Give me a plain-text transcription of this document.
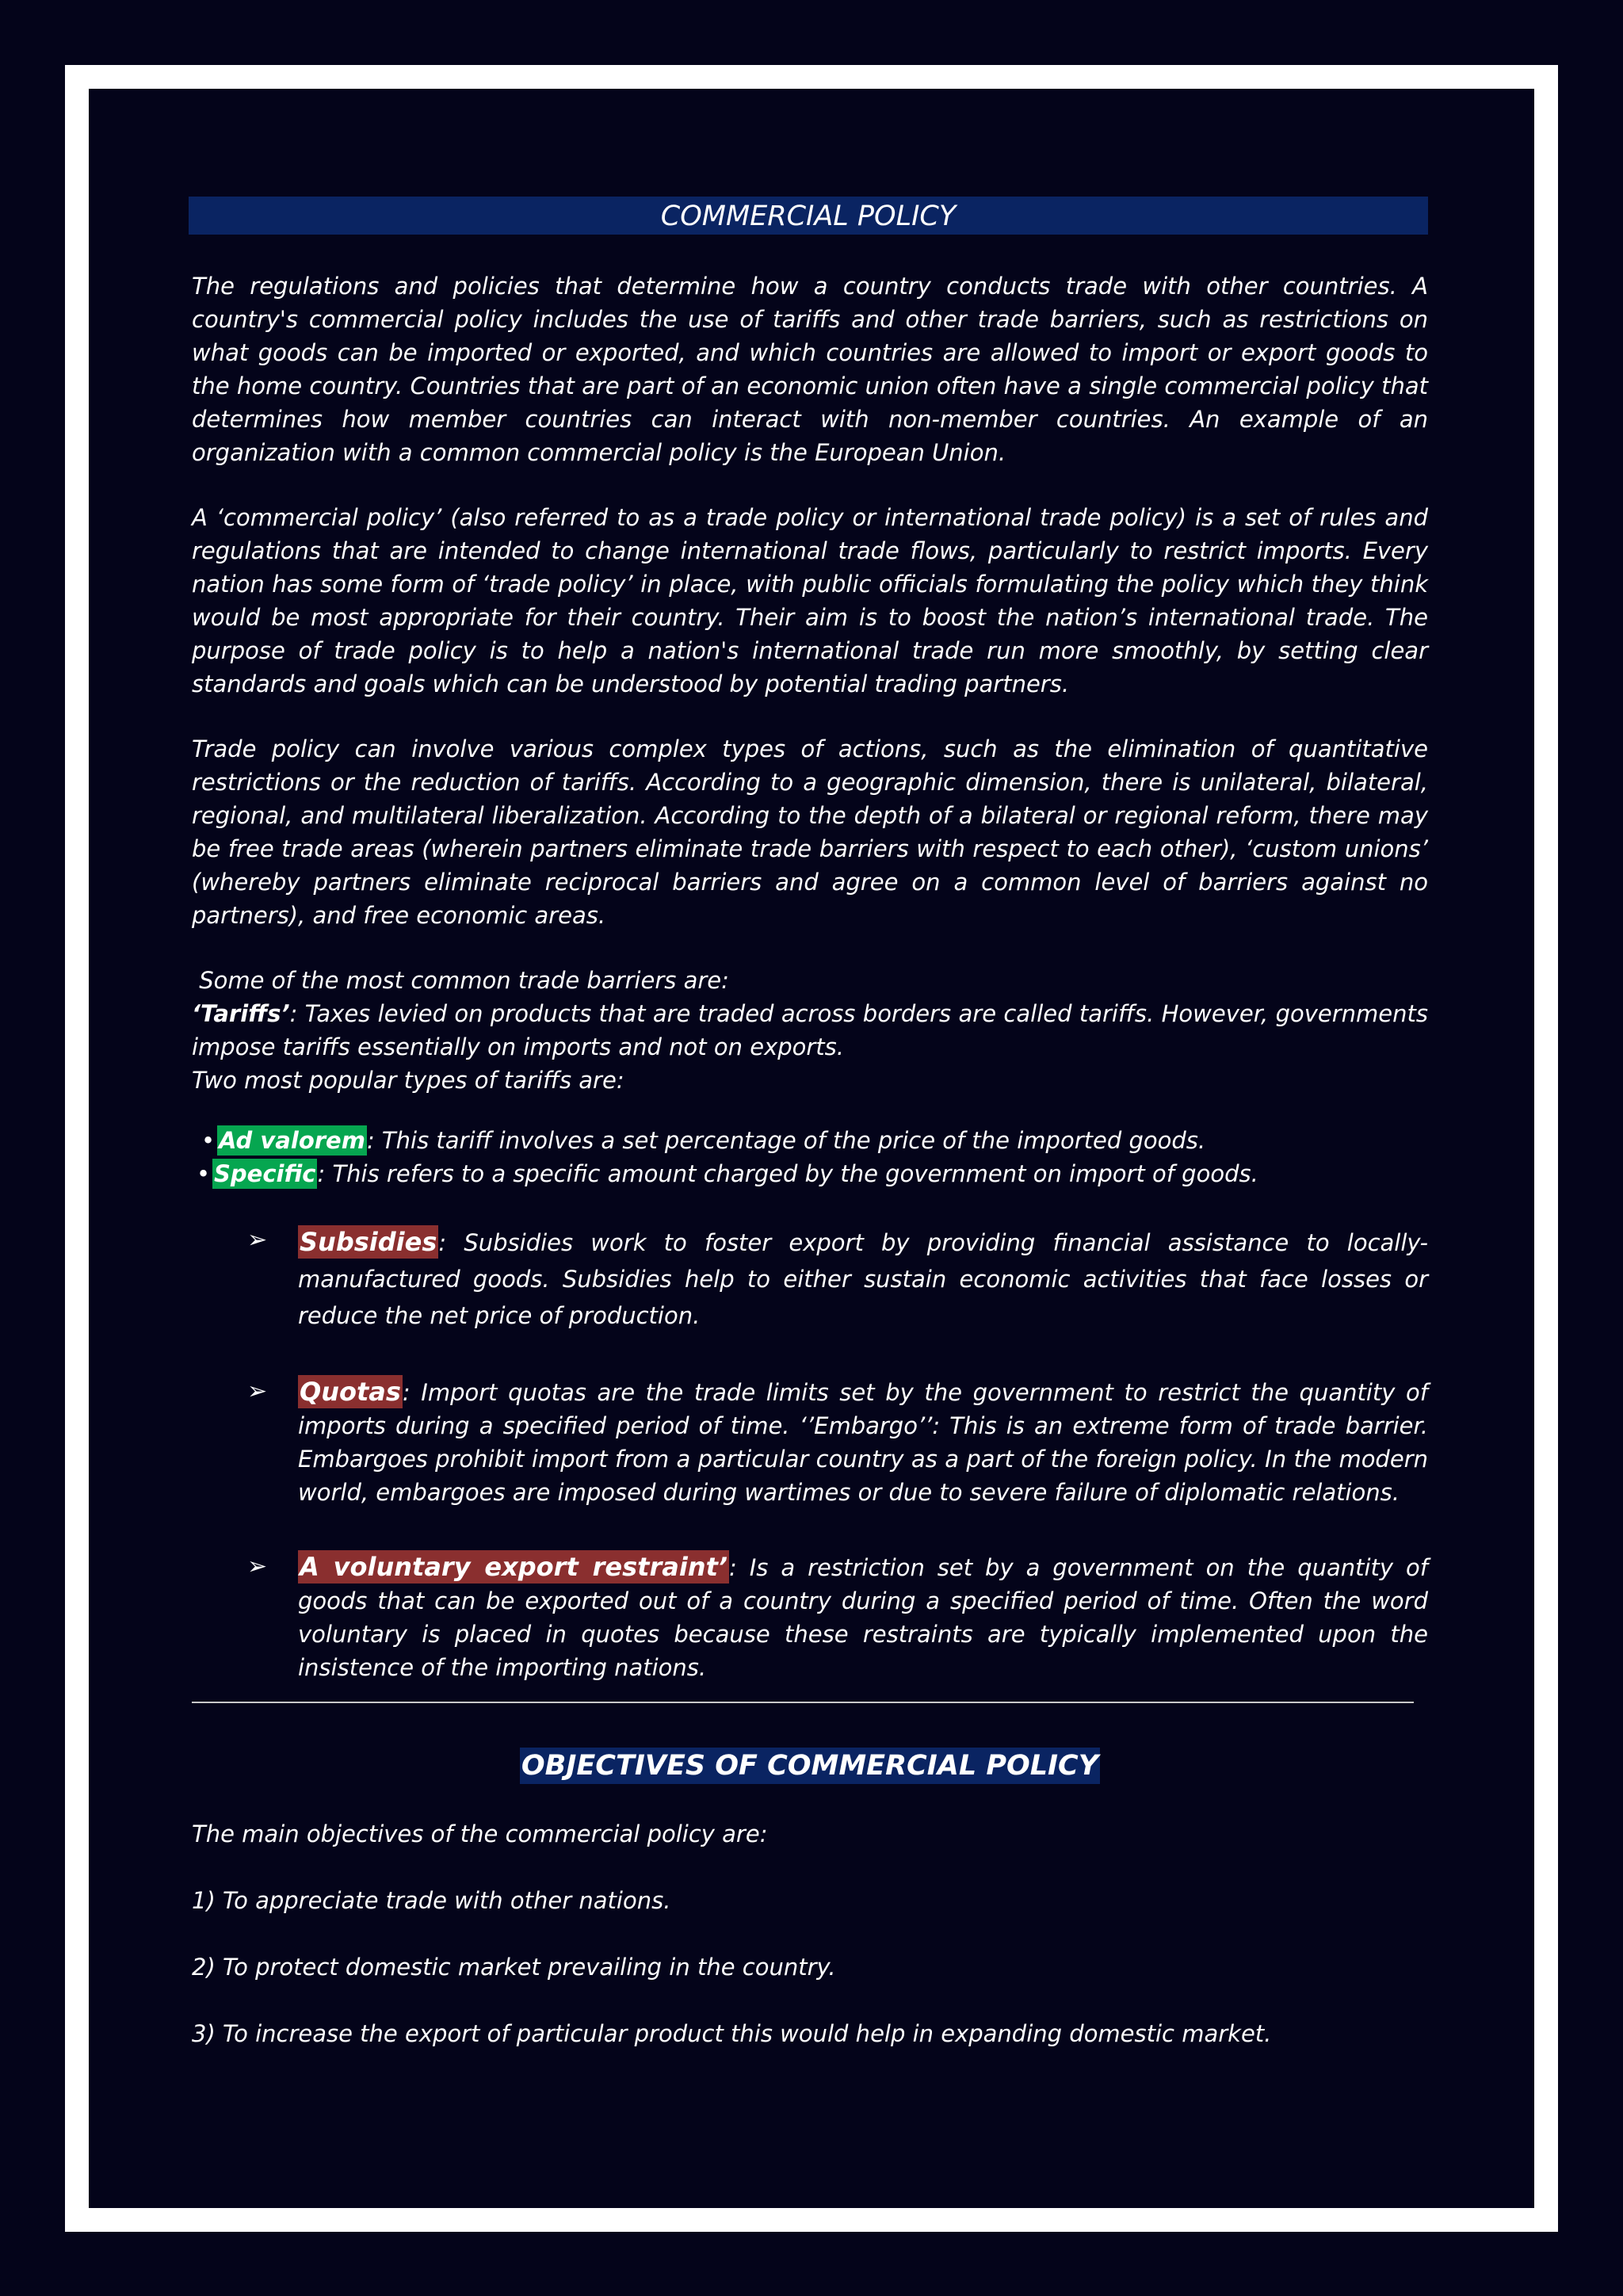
COMMERCIAL POLICY

The regulations and policies that determine how a country conducts trade with other countries. A country's commercial policy includes the use of tariffs and other trade barriers, such as restrictions on what goods can be imported or exported, and which countries are allowed to import or export goods to the home country. Countries that are part of an economic union often have a single commercial policy that determines how member countries can interact with non-member countries. An example of an organization with a common commercial policy is the European Union.

A ‘commercial policy’ (also referred to as a trade policy or international trade policy) is a set of rules and regulations that are intended to change international trade flows, particularly to restrict imports. Every nation has some form of ‘trade policy’ in place, with public officials formulating the policy which they think would be most appropriate for their country. Their aim is to boost the nation’s international trade. The purpose of trade policy is to help a nation's international trade run more smoothly, by setting clear standards and goals which can be understood by potential trading partners.

Trade policy can involve various complex types of actions, such as the elimination of quantitative restrictions or the reduction of tariffs. According to a geographic dimension, there is unilateral, bilateral, regional, and multilateral liberalization. According to the depth of a bilateral or regional reform, there may be free trade areas (wherein partners eliminate trade barriers with respect to each other), ‘custom unions’ (whereby partners eliminate reciprocal barriers and agree on a common level of barriers against no partners), and free economic areas.

Some of the most common trade barriers are:

‘Tariffs’: Taxes levied on products that are traded across borders are called tariffs. However, governments impose tariffs essentially on imports and not on exports.

Two most popular types of tariffs are:

• Ad valorem: This tariff involves a set percentage of the price of the imported goods.
• Specific: This refers to a specific amount charged by the government on import of goods.
➢ Subsidies: Subsidies work to foster export by providing financial assistance to locally-manufactured goods. Subsidies help to either sustain economic activities that face losses or reduce the net price of production.

➢ Quotas: Import quotas are the trade limits set by the government to restrict the quantity of imports during a specified period of time. ‘’Embargo’’: This is an extreme form of trade barrier. Embargoes prohibit import from a particular country as a part of the foreign policy. In the modern world, embargoes are imposed during wartimes or due to severe failure of diplomatic relations.

➢ A voluntary export restraint’: Is a restriction set by a government on the quantity of goods that can be exported out of a country during a specified period of time. Often the word voluntary is placed in quotes because these restraints are typically implemented upon the insistence of the importing nations.

OBJECTIVES OF COMMERCIAL POLICY

The main objectives of the commercial policy are:

1) To appreciate trade with other nations.

2) To protect domestic market prevailing in the country.

3) To increase the export of particular product this would help in expanding domestic market.
